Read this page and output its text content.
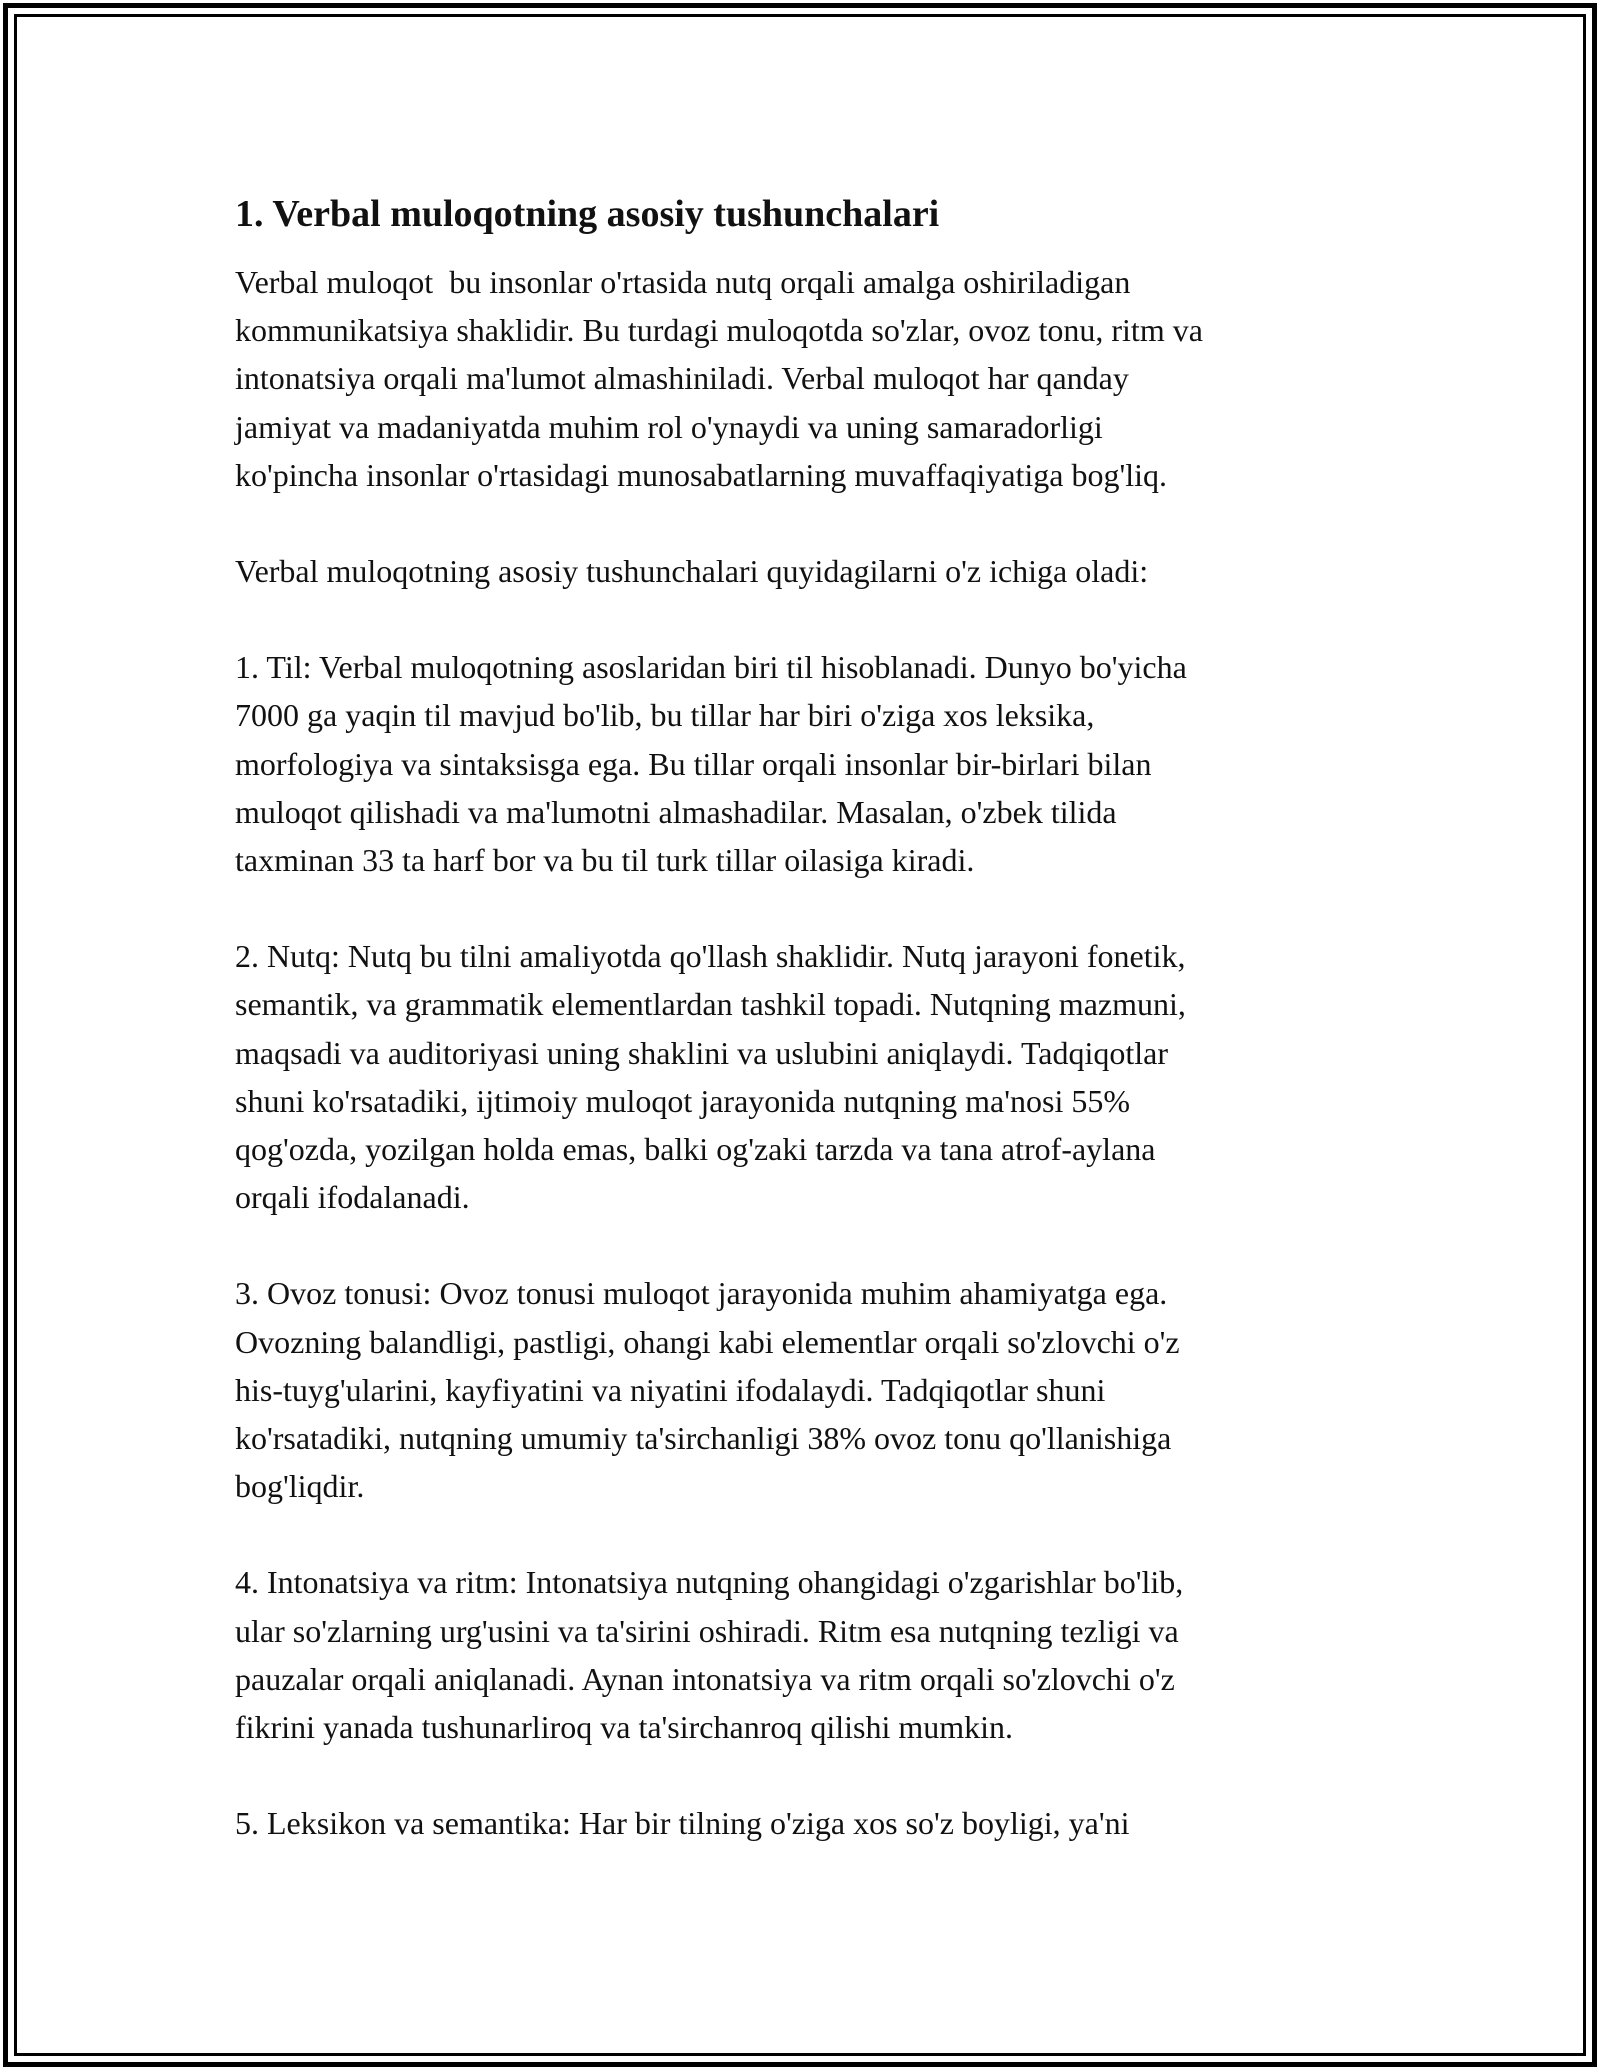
1. Verbal muloqotning asosiy tushunchalari

Verbal muloqot  bu insonlar o'rtasida nutq orqali amalga oshiriladigan
kommunikatsiya shaklidir. Bu turdagi muloqotda so'zlar, ovoz tonu, ritm va
intonatsiya orqali ma'lumot almashiniladi. Verbal muloqot har qanday
jamiyat va madaniyatda muhim rol o'ynaydi va uning samaradorligi
ko'pincha insonlar o'rtasidagi munosabatlarning muvaffaqiyatiga bog'liq.

Verbal muloqotning asosiy tushunchalari quyidagilarni o'z ichiga oladi:

1. Til: Verbal muloqotning asoslaridan biri til hisoblanadi. Dunyo bo'yicha
7000 ga yaqin til mavjud bo'lib, bu tillar har biri o'ziga xos leksika,
morfologiya va sintaksisga ega. Bu tillar orqali insonlar bir-birlari bilan
muloqot qilishadi va ma'lumotni almashadilar. Masalan, o'zbek tilida
taxminan 33 ta harf bor va bu til turk tillar oilasiga kiradi.

2. Nutq: Nutq bu tilni amaliyotda qo'llash shaklidir. Nutq jarayoni fonetik,
semantik, va grammatik elementlardan tashkil topadi. Nutqning mazmuni,
maqsadi va auditoriyasi uning shaklini va uslubini aniqlaydi. Tadqiqotlar
shuni ko'rsatadiki, ijtimoiy muloqot jarayonida nutqning ma'nosi 55%
qog'ozda, yozilgan holda emas, balki og'zaki tarzda va tana atrof-aylana
orqali ifodalanadi.

3. Ovoz tonusi: Ovoz tonusi muloqot jarayonida muhim ahamiyatga ega.
Ovozning balandligi, pastligi, ohangi kabi elementlar orqali so'zlovchi o'z
his-tuyg'ularini, kayfiyatini va niyatini ifodalaydi. Tadqiqotlar shuni
ko'rsatadiki, nutqning umumiy ta'sirchanligi 38% ovoz tonu qo'llanishiga
bog'liqdir.

4. Intonatsiya va ritm: Intonatsiya nutqning ohangidagi o'zgarishlar bo'lib,
ular so'zlarning urg'usini va ta'sirini oshiradi. Ritm esa nutqning tezligi va
pauzalar orqali aniqlanadi. Aynan intonatsiya va ritm orqali so'zlovchi o'z
fikrini yanada tushunarliroq va ta'sirchanroq qilishi mumkin.

5. Leksikon va semantika: Har bir tilning o'ziga xos so'z boyligi, ya'ni
